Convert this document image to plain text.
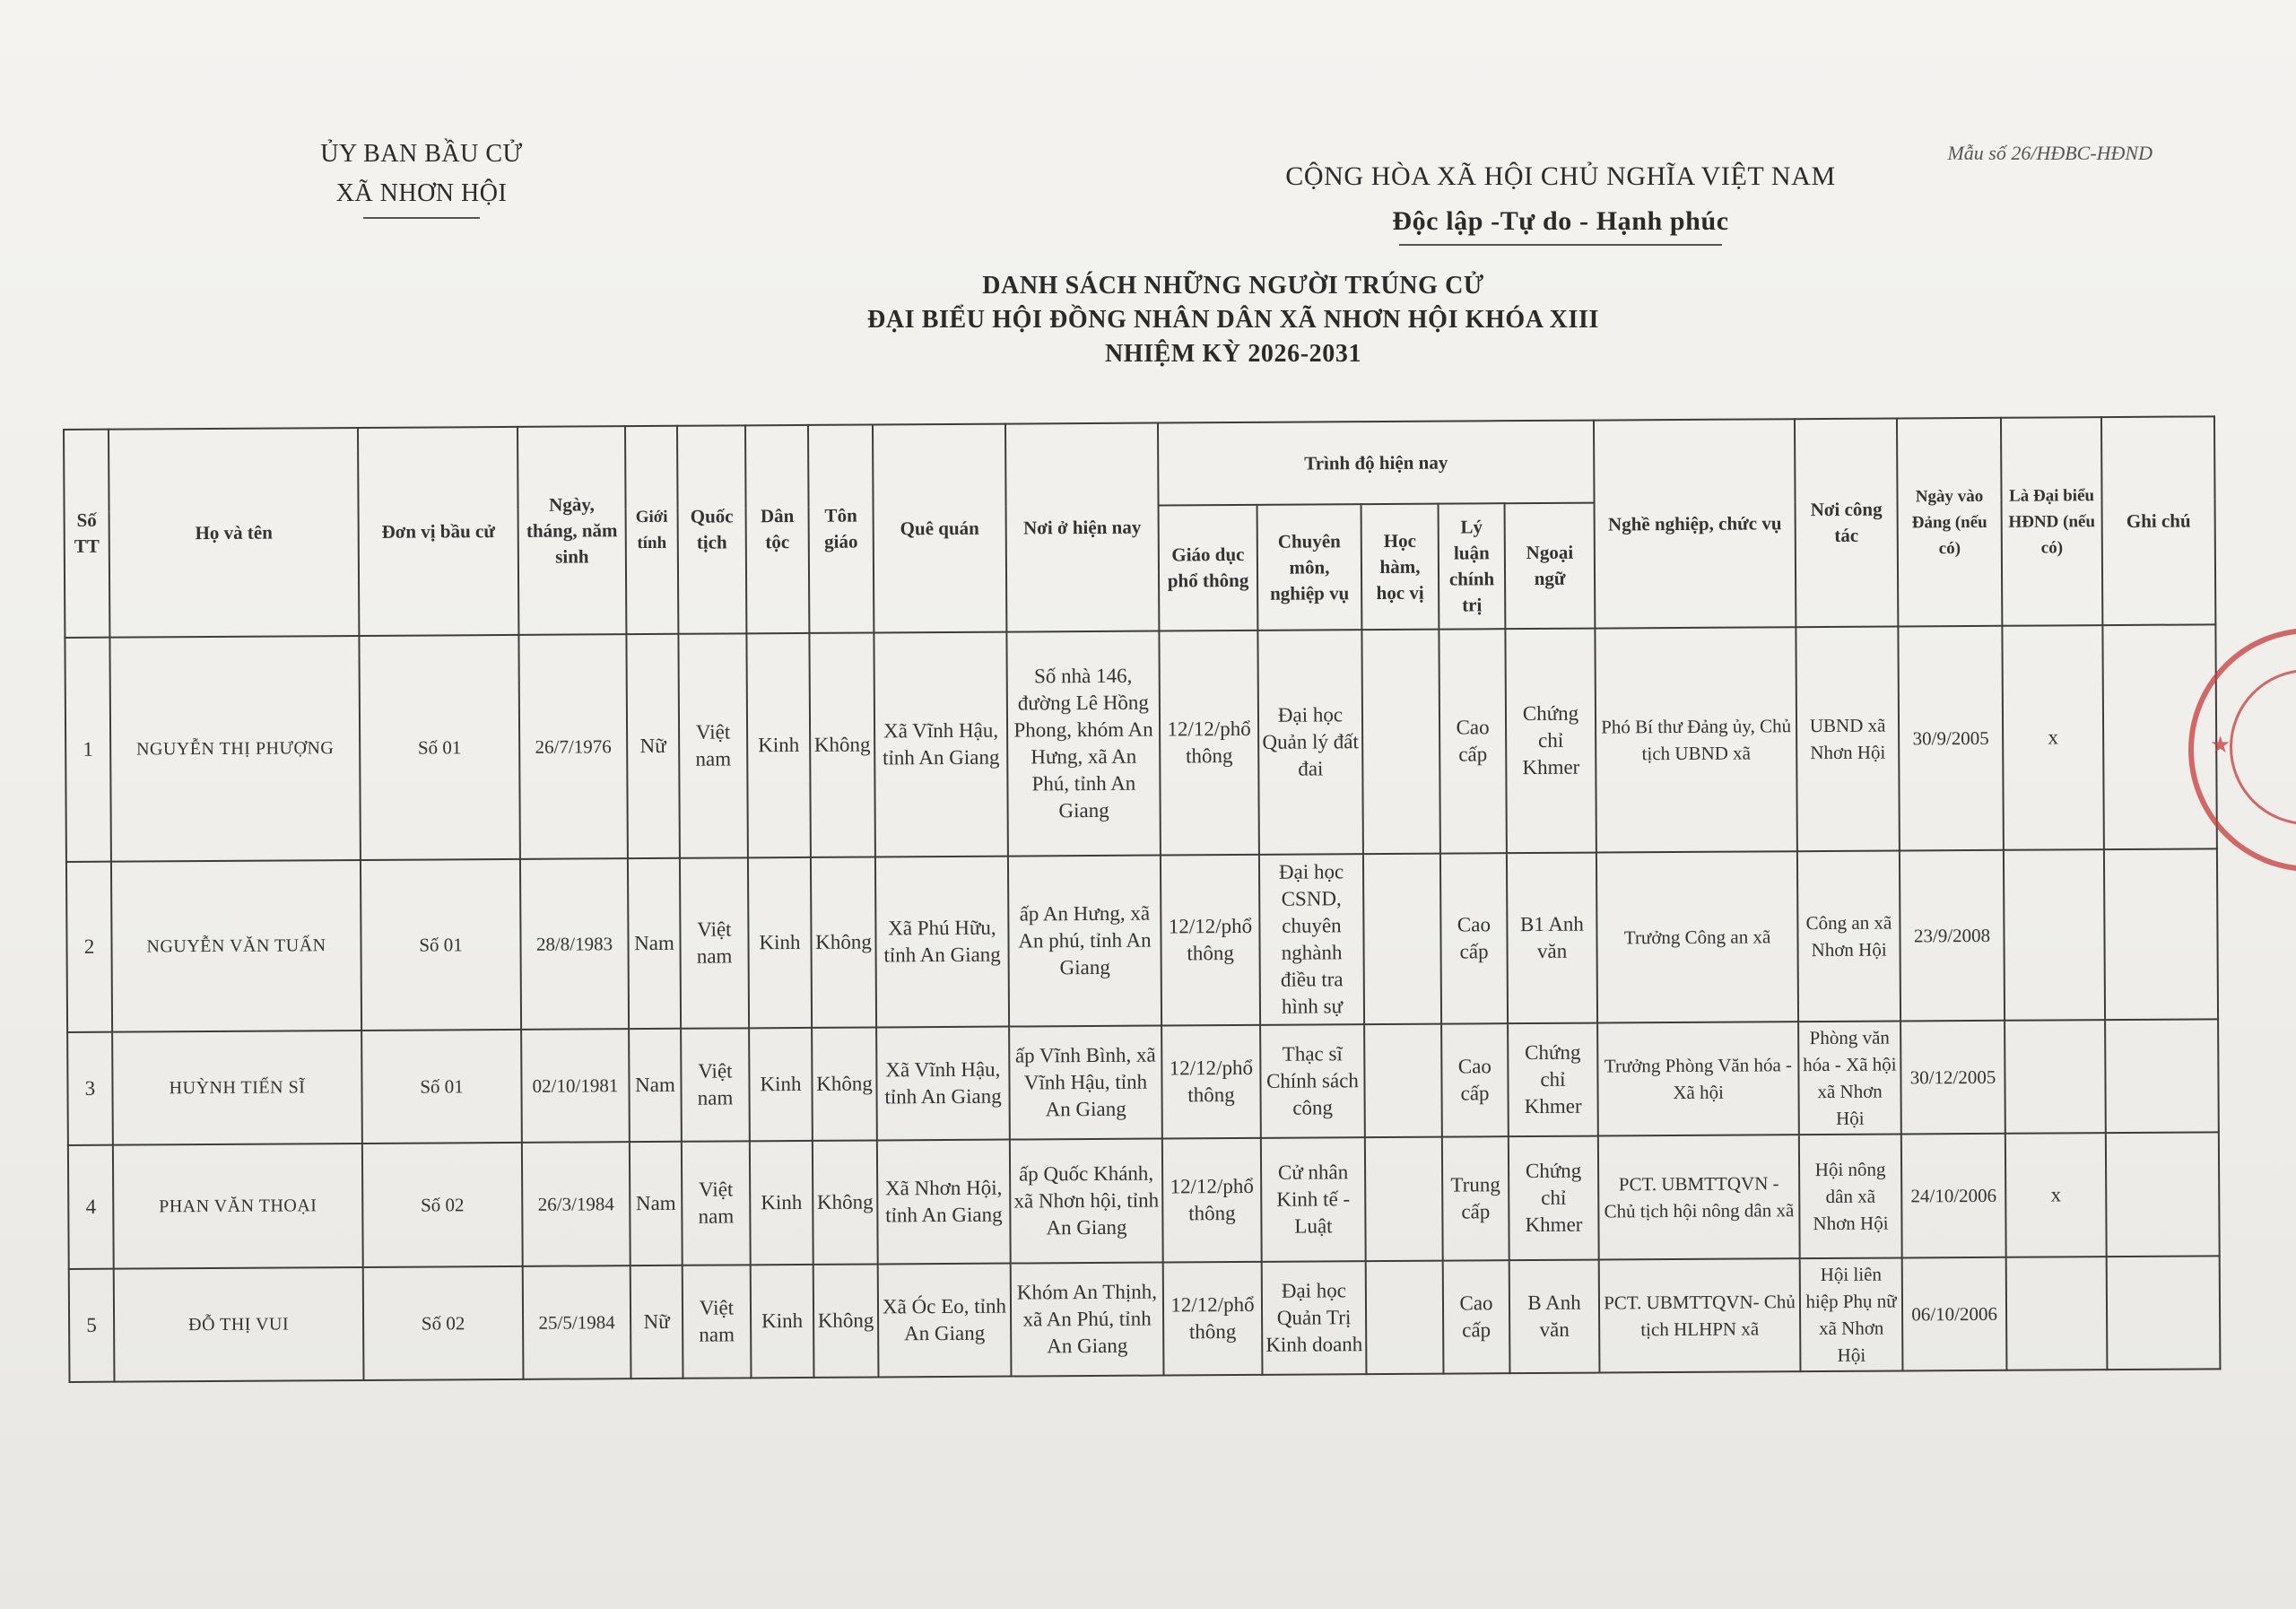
ỦY BAN BẦU CỬ
XÃ NHƠN HỘI
CỘNG HÒA XÃ HỘI CHỦ NGHĨA VIỆT NAM
Độc lập -Tự do - Hạnh phúc
Mẫu số 26/HĐBC-HĐND
DANH SÁCH NHỮNG NGƯỜI TRÚNG CỬ
ĐẠI BIỂU HỘI ĐỒNG NHÂN DÂN XÃ NHƠN HỘI KHÓA XIII
NHIỆM KỲ 2026-2031
Số TT	Họ và tên	Đơn vị bầu cử	Ngày, tháng, năm sinh	Giới tính	Quốc tịch	Dân tộc	Tôn giáo	Quê quán	Nơi ở hiện nay	Trình độ hiện nay					Nghề nghiệp, chức vụ	Nơi công tác	Ngày vào Đảng (nếu có)	Là Đại biểu HĐND (nếu có)	Ghi chú
										Giáo dục phổ thông	Chuyên môn, nghiệp vụ	Học hàm, học vị	Lý luận chính trị	Ngoại ngữ					
1	NGUYỄN THỊ PHƯỢNG	Số 01	26/7/1976	Nữ	Việt nam	Kinh	Không	Xã Vĩnh Hậu, tỉnh An Giang	Số nhà 146, đường Lê Hồng Phong, khóm An Hưng, xã An Phú, tỉnh An Giang	12/12/phổ thông	Đại học Quản lý đất đai		Cao cấp	Chứng chỉ Khmer	Phó Bí thư Đảng ủy, Chủ tịch UBND xã	UBND xã Nhơn Hội	30/9/2005	x	
2	NGUYỄN VĂN TUẤN	Số 01	28/8/1983	Nam	Việt nam	Kinh	Không	Xã Phú Hữu, tỉnh An Giang	ấp An Hưng, xã An phú, tỉnh An Giang	12/12/phổ thông	Đại học CSND, chuyên nghành điều tra hình sự		Cao cấp	B1 Anh văn	Trưởng Công an xã	Công an xã Nhơn Hội	23/9/2008		
3	HUỲNH TIẾN SĨ	Số 01	02/10/1981	Nam	Việt nam	Kinh	Không	Xã Vĩnh Hậu, tỉnh An Giang	ấp Vĩnh Bình, xã Vĩnh Hậu, tỉnh An Giang	12/12/phổ thông	Thạc sĩ Chính sách công		Cao cấp	Chứng chỉ Khmer	Trưởng Phòng Văn hóa - Xã hội	Phòng văn hóa - Xã hội xã Nhơn Hội	30/12/2005		
4	PHAN VĂN THOẠI	Số 02	26/3/1984	Nam	Việt nam	Kinh	Không	Xã Nhơn Hội, tỉnh An Giang	ấp Quốc Khánh, xã Nhơn hội, tỉnh An Giang	12/12/phổ thông	Cử nhân Kinh tế - Luật		Trung cấp	Chứng chỉ Khmer	PCT. UBMTTQVN - Chủ tịch hội nông dân xã	Hội nông dân xã Nhơn Hội	24/10/2006	x	
5	ĐỖ THỊ VUI	Số 02	25/5/1984	Nữ	Việt nam	Kinh	Không	Xã Óc Eo, tỉnh An Giang	Khóm An Thịnh, xã An Phú, tỉnh An Giang	12/12/phổ thông	Đại học Quản Trị Kinh doanh		Cao cấp	B Anh văn	PCT. UBMTTQVN- Chủ tịch HLHPN xã	Hội liên hiệp Phụ nữ xã Nhơn Hội	06/10/2006		
★
